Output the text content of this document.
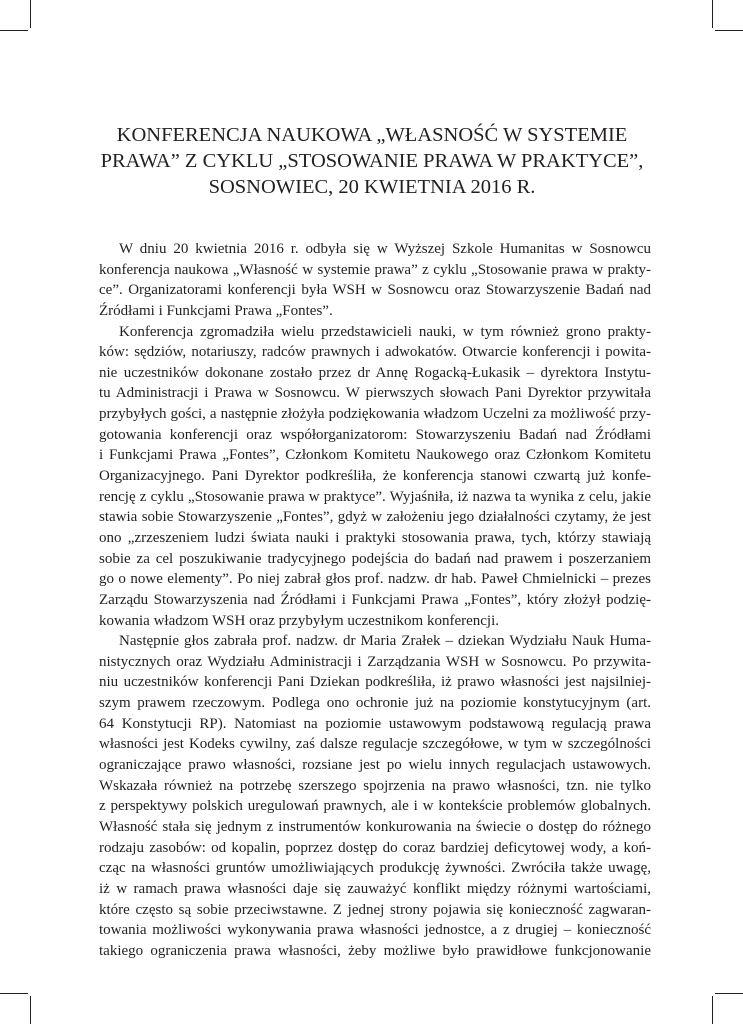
KONFERENCJA NAUKOWA „WŁASNOŚĆ W SYSTEMIE
PRAWA” Z CYKLU „STOSOWANIE PRAWA W PRAKTYCE”,
SOSNOWIEC, 20 KWIETNIA 2016 R.
W dniu 20 kwietnia 2016 r. odbyła się w Wyższej Szkole Humanitas w Sosnowcu
konferencja naukowa „Własność w systemie prawa” z cyklu „Stosowanie prawa w prakty-
ce”. Organizatorami konferencji była WSH w Sosnowcu oraz Stowarzyszenie Badań nad
Źródłami i Funkcjami Prawa „Fontes”.
Konferencja zgromadziła wielu przedstawicieli nauki, w tym również grono prakty-
ków: sędziów, notariuszy, radców prawnych i adwokatów. Otwarcie konferencji i powita-
nie uczestników dokonane zostało przez dr Annę Rogacką-Łukasik – dyrektora Instytu-
tu Administracji i Prawa w Sosnowcu. W pierwszych słowach Pani Dyrektor przywitała
przybyłych gości, a następnie złożyła podziękowania władzom Uczelni za możliwość przy-
gotowania konferencji oraz współorganizatorom: Stowarzyszeniu Badań nad Źródłami
i Funkcjami Prawa „Fontes”, Członkom Komitetu Naukowego oraz Członkom Komitetu
Organizacyjnego. Pani Dyrektor podkreśliła, że konferencja stanowi czwartą już konfe-
rencję z cyklu „Stosowanie prawa w praktyce”. Wyjaśniła, iż nazwa ta wynika z celu, jakie
stawia sobie Stowarzyszenie „Fontes”, gdyż w założeniu jego działalności czytamy, że jest
ono „zrzeszeniem ludzi świata nauki i praktyki stosowania prawa, tych, którzy stawiają
sobie za cel poszukiwanie tradycyjnego podejścia do badań nad prawem i poszerzaniem
go o nowe elementy”. Po niej zabrał głos prof. nadzw. dr hab. Paweł Chmielnicki – prezes
Zarządu Stowarzyszenia nad Źródłami i Funkcjami Prawa „Fontes”, który złożył podzię-
kowania władzom WSH oraz przybyłym uczestnikom konferencji.
Następnie głos zabrała prof. nadzw. dr Maria Zrałek – dziekan Wydziału Nauk Huma-
nistycznych oraz Wydziału Administracji i Zarządzania WSH w Sosnowcu. Po przywita-
niu uczestników konferencji Pani Dziekan podkreśliła, iż prawo własności jest najsilniej-
szym prawem rzeczowym. Podlega ono ochronie już na poziomie konstytucyjnym (art.
64 Konstytucji RP). Natomiast na poziomie ustawowym podstawową regulacją prawa
własności jest Kodeks cywilny, zaś dalsze regulacje szczegółowe, w tym w szczególności
ograniczające prawo własności, rozsiane jest po wielu innych regulacjach ustawowych.
Wskazała również na potrzebę szerszego spojrzenia na prawo własności, tzn. nie tylko
z perspektywy polskich uregulowań prawnych, ale i w kontekście problemów globalnych.
Własność stała się jednym z instrumentów konkurowania na świecie o dostęp do różnego
rodzaju zasobów: od kopalin, poprzez dostęp do coraz bardziej deficytowej wody, a koń-
cząc na własności gruntów umożliwiających produkcję żywności. Zwróciła także uwagę,
iż w ramach prawa własności daje się zauważyć konflikt między różnymi wartościami,
które często są sobie przeciwstawne. Z jednej strony pojawia się konieczność zagwaran-
towania możliwości wykonywania prawa własności jednostce, a z drugiej – konieczność
takiego ograniczenia prawa własności, żeby możliwe było prawidłowe funkcjonowanie
